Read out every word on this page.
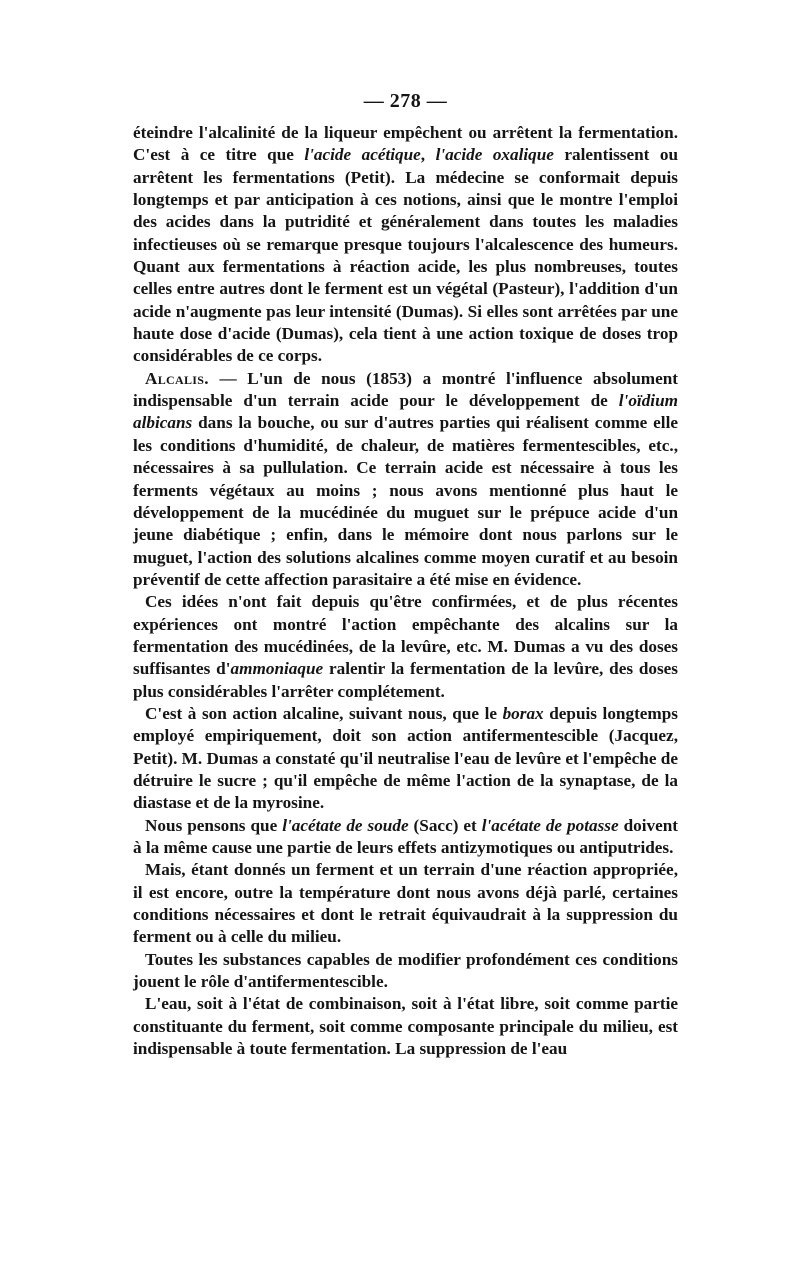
— 278 —

éteindre l'alcalinité de la liqueur empêchent ou arrêtent la fermentation. C'est à ce titre que l'acide acétique, l'acide oxalique ralentissent ou arrêtent les fermentations (Petit). La médecine se conformait depuis longtemps et par anticipation à ces notions, ainsi que le montre l'emploi des acides dans la putridité et généralement dans toutes les maladies infectieuses où se remarque presque toujours l'alcalescence des humeurs. Quant aux fermentations à réaction acide, les plus nombreuses, toutes celles entre autres dont le ferment est un végétal (Pasteur), l'addition d'un acide n'augmente pas leur intensité (Dumas). Si elles sont arrêtées par une haute dose d'acide (Dumas), cela tient à une action toxique de doses trop considérables de ce corps.

Alcalis. — L'un de nous (1853) a montré l'influence absolument indispensable d'un terrain acide pour le développement de l'oïdium albicans dans la bouche, ou sur d'autres parties qui réalisent comme elle les conditions d'humidité, de chaleur, de matières fermentescibles, etc., nécessaires à sa pullulation. Ce terrain acide est nécessaire à tous les ferments végétaux au moins ; nous avons mentionné plus haut le développement de la mucédinée du muguet sur le prépuce acide d'un jeune diabétique ; enfin, dans le mémoire dont nous parlons sur le muguet, l'action des solutions alcalines comme moyen curatif et au besoin préventif de cette affection parasitaire a été mise en évidence.

Ces idées n'ont fait depuis qu'être confirmées, et de plus récentes expériences ont montré l'action empêchante des alcalins sur la fermentation des mucédinées, de la levûre, etc. M. Dumas a vu des doses suffisantes d'ammoniaque ralentir la fermentation de la levûre, des doses plus considérables l'arrêter complétement.

C'est à son action alcaline, suivant nous, que le borax depuis longtemps employé empiriquement, doit son action antifermentescible (Jacquez, Petit). M. Dumas a constaté qu'il neutralise l'eau de levûre et l'empêche de détruire le sucre ; qu'il empêche de même l'action de la synaptase, de la diastase et de la myrosine.

Nous pensons que l'acétate de soude (Sacc) et l'acétate de potasse doivent à la même cause une partie de leurs effets antizymotiques ou antiputrides.

Mais, étant donnés un ferment et un terrain d'une réaction appropriée, il est encore, outre la température dont nous avons déjà parlé, certaines conditions nécessaires et dont le retrait équivaudrait à la suppression du ferment ou à celle du milieu.

Toutes les substances capables de modifier profondément ces conditions jouent le rôle d'antifermentescible.

L'eau, soit à l'état de combinaison, soit à l'état libre, soit comme partie constituante du ferment, soit comme composante principale du milieu, est indispensable à toute fermentation. La suppression de l'eau
